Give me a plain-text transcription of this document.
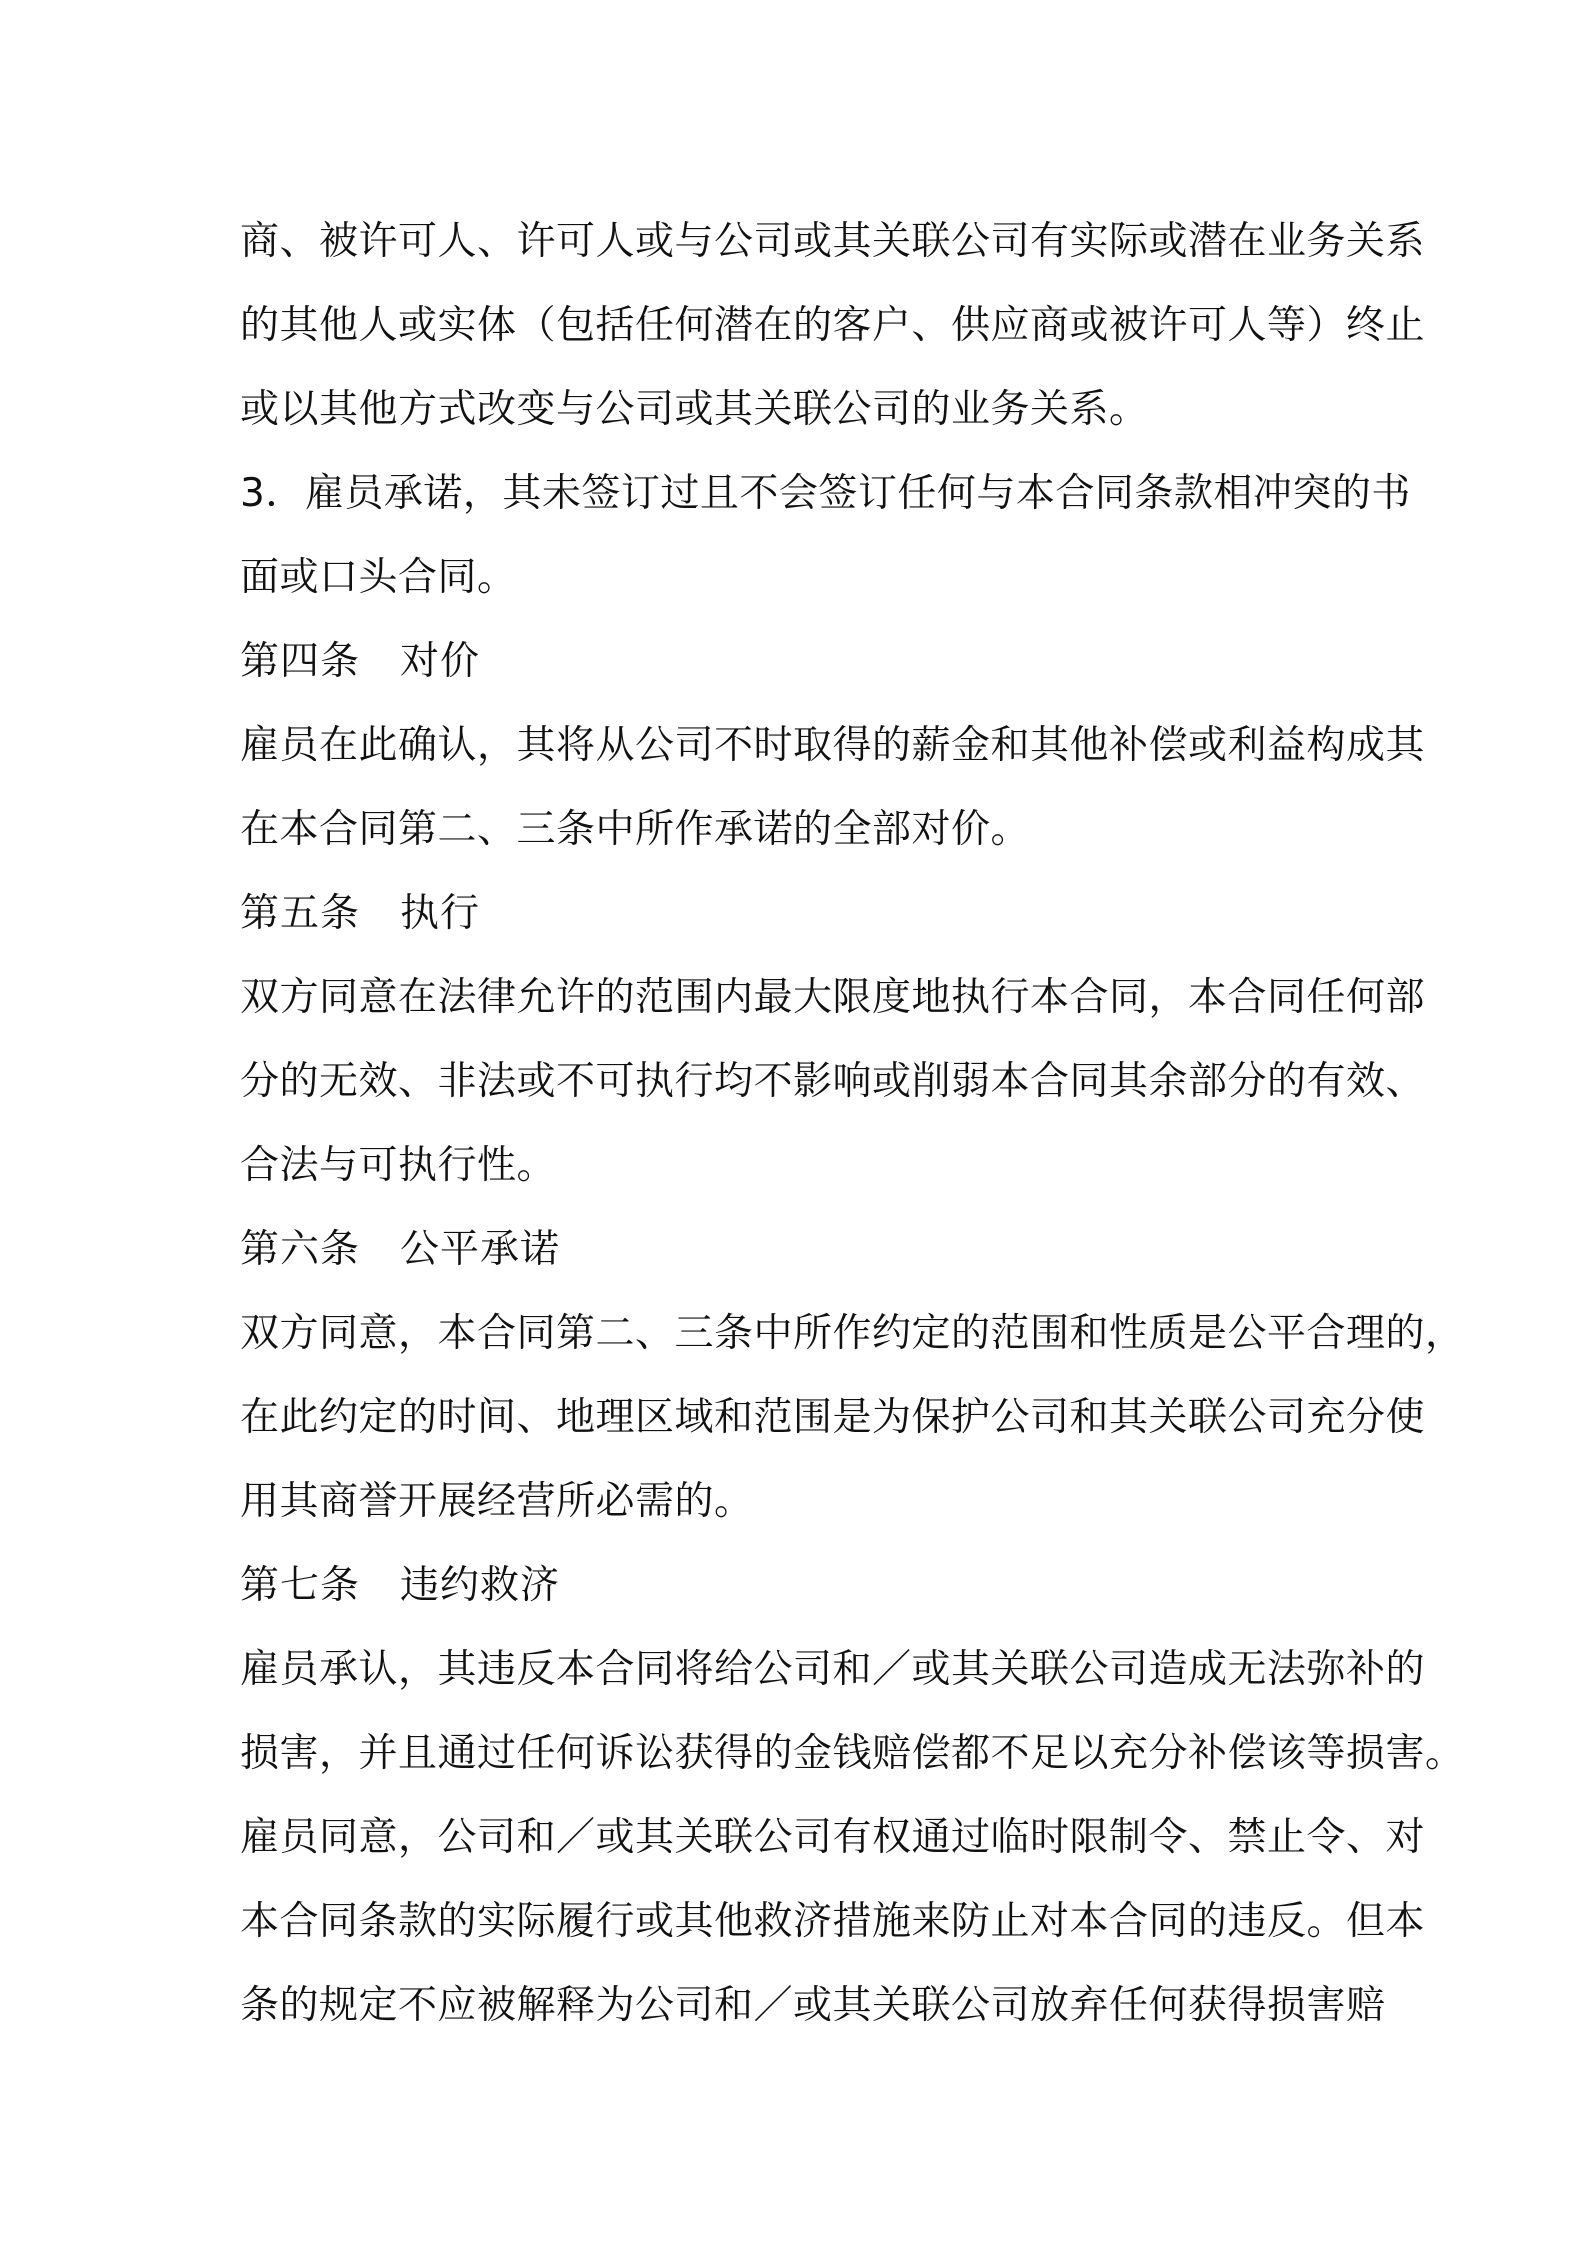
商、被许可人、许可人或与公司或其关联公司有实际或潜在业务关系
的其他人或实体（包括任何潜在的客户、供应商或被许可人等）终止
或以其他方式改变与公司或其关联公司的业务关系。
3．雇员承诺，其未签订过且不会签订任何与本合同条款相冲突的书
面或口头合同。
第四条　对价
雇员在此确认，其将从公司不时取得的薪金和其他补偿或利益构成其
在本合同第二、三条中所作承诺的全部对价。
第五条　执行
双方同意在法律允许的范围内最大限度地执行本合同，本合同任何部
分的无效、非法或不可执行均不影响或削弱本合同其余部分的有效、
合法与可执行性。
第六条　公平承诺
双方同意，本合同第二、三条中所作约定的范围和性质是公平合理的，
在此约定的时间、地理区域和范围是为保护公司和其关联公司充分使
用其商誉开展经营所必需的。
第七条　违约救济
雇员承认，其违反本合同将给公司和／或其关联公司造成无法弥补的
损害，并且通过任何诉讼获得的金钱赔偿都不足以充分补偿该等损害。
雇员同意，公司和／或其关联公司有权通过临时限制令、禁止令、对
本合同条款的实际履行或其他救济措施来防止对本合同的违反。但本
条的规定不应被解释为公司和／或其关联公司放弃任何获得损害赔
